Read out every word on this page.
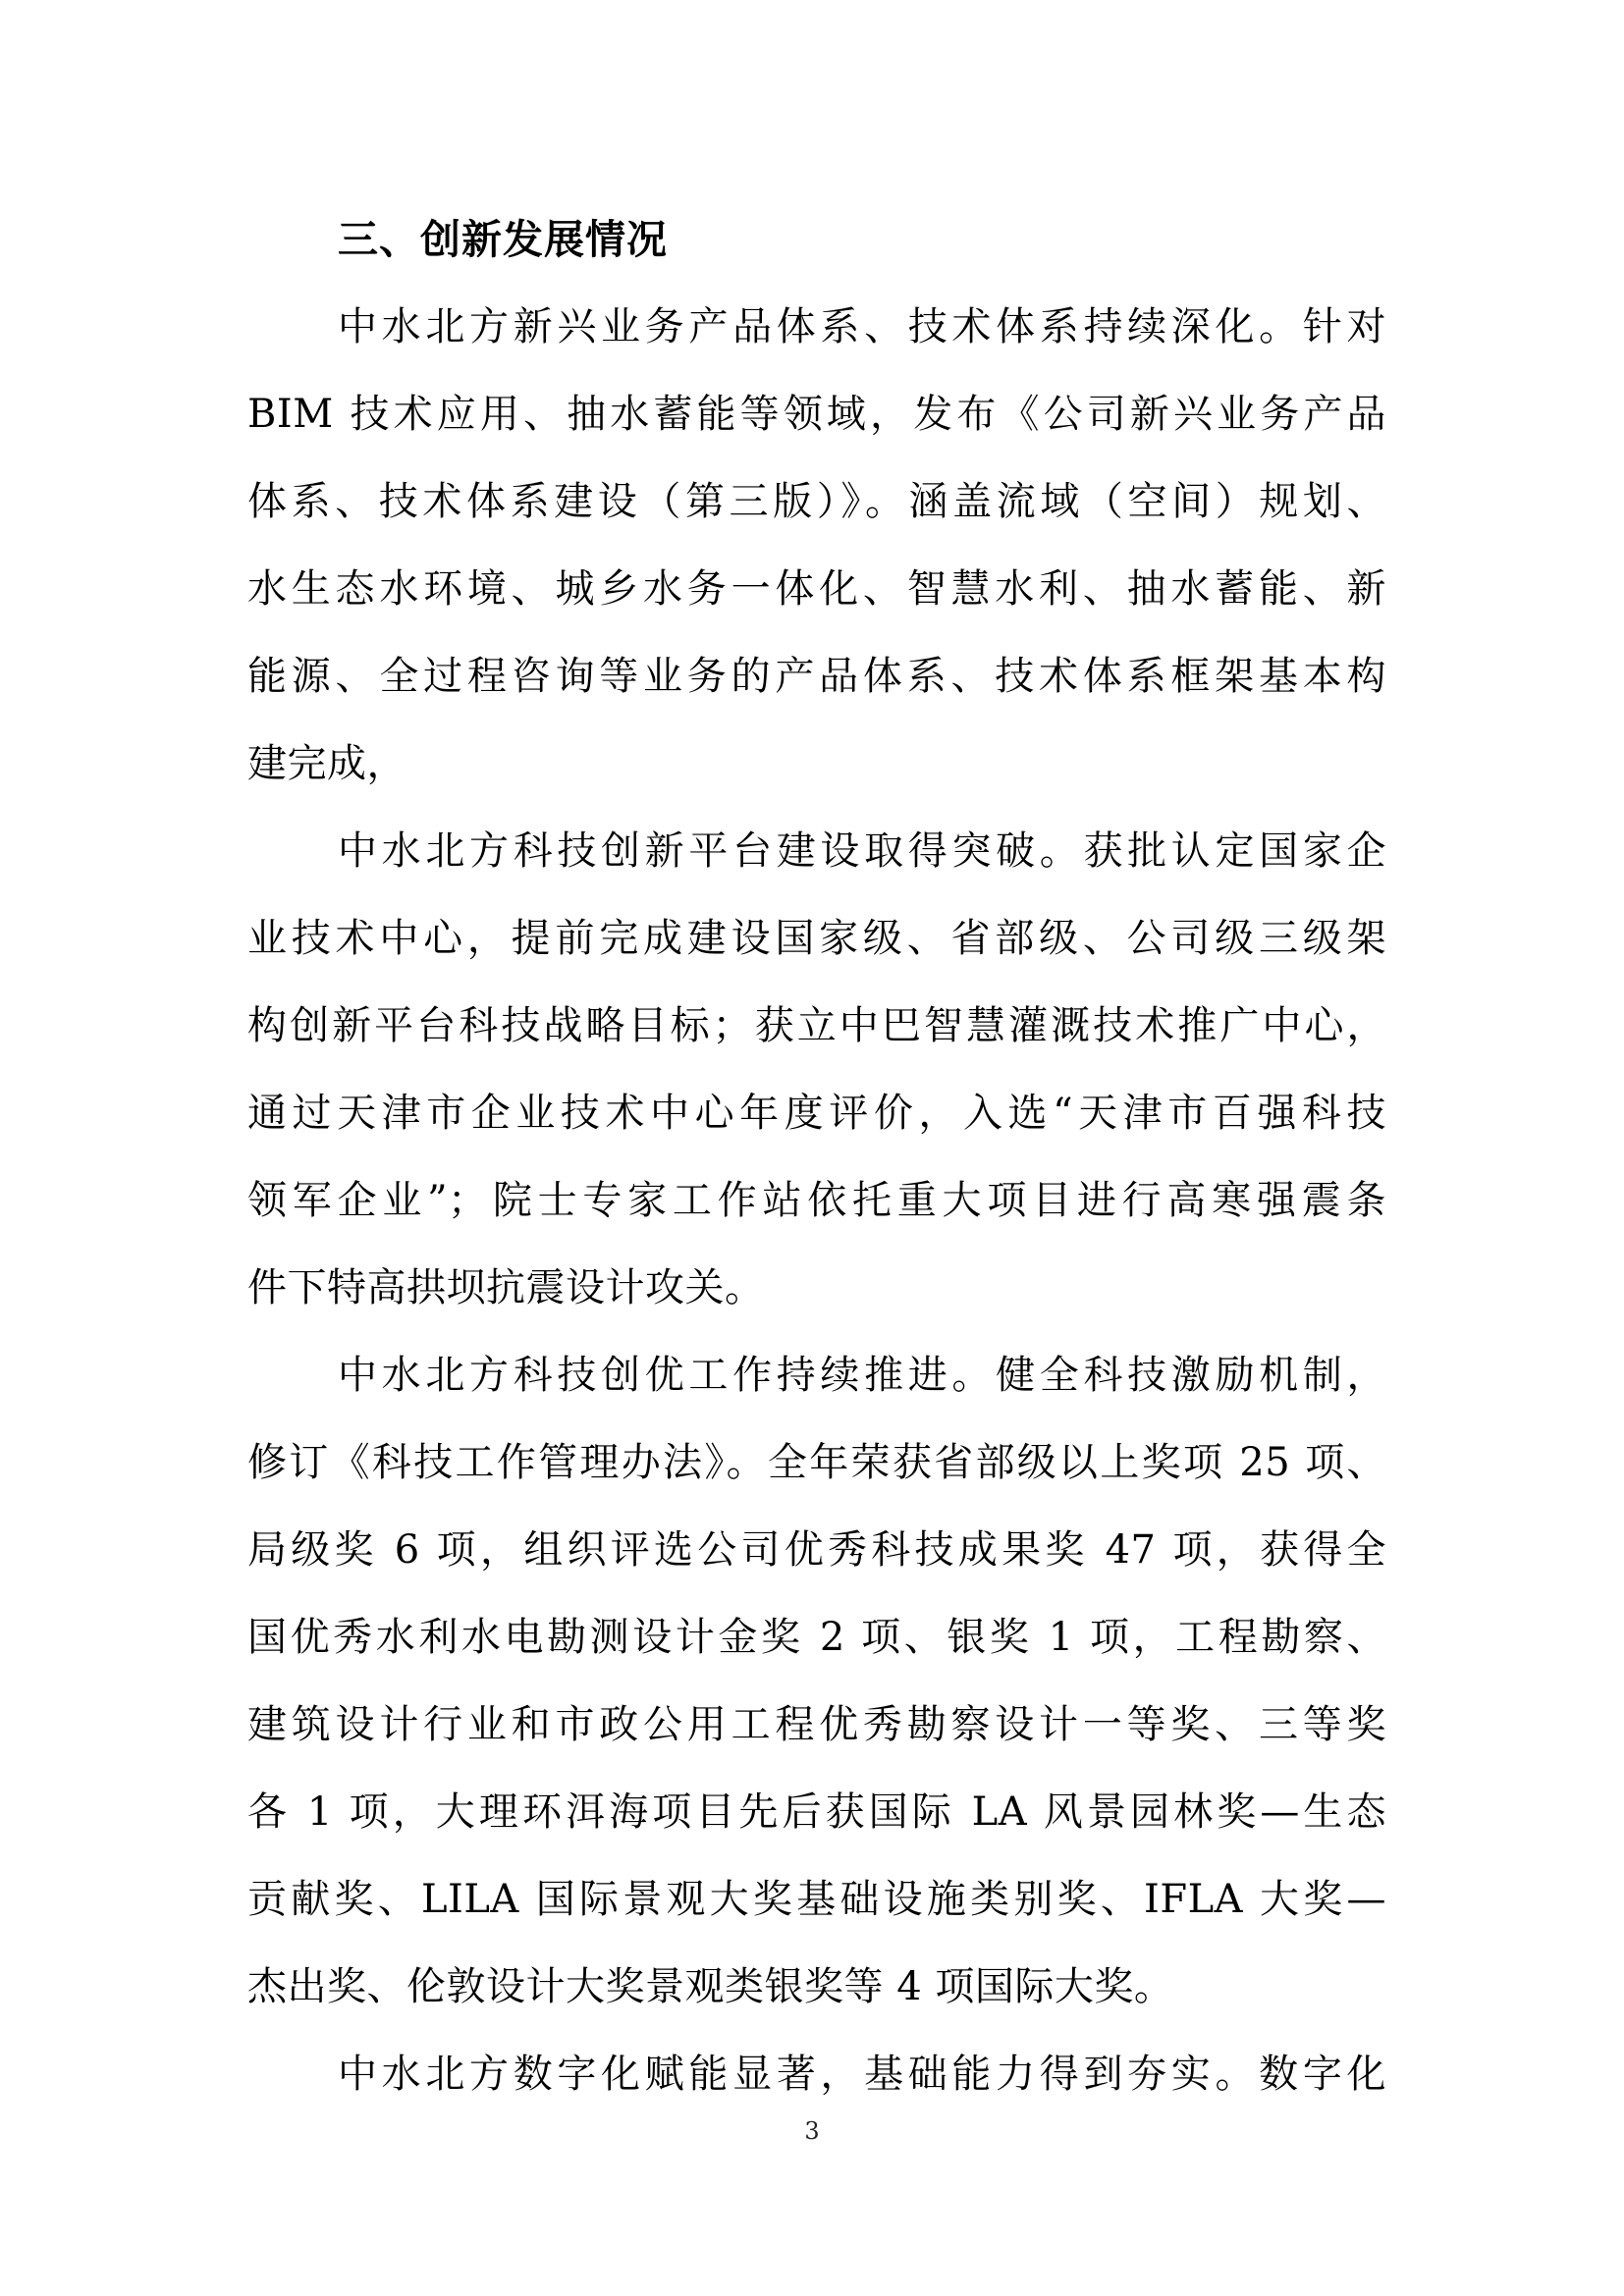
三、创新发展情况
中水北方新兴业务产品体系、技术体系持续深化。针对
BIM 技术应用、抽水蓄能等领域，发布《公司新兴业务产品
体系、技术体系建设（第三版）》。涵盖流域（空间）规划、
水生态水环境、城乡水务一体化、智慧水利、抽水蓄能、新
能源、全过程咨询等业务的产品体系、技术体系框架基本构
建完成，
中水北方科技创新平台建设取得突破。获批认定国家企
业技术中心，提前完成建设国家级、省部级、公司级三级架
构创新平台科技战略目标；获立中巴智慧灌溉技术推广中心，
通过天津市企业技术中心年度评价，入选“天津市百强科技
领军企业”；院士专家工作站依托重大项目进行高寒强震条
件下特高拱坝抗震设计攻关。
中水北方科技创优工作持续推进。健全科技激励机制，
修订《科技工作管理办法》。全年荣获省部级以上奖项 25 项、
局级奖 6 项，组织评选公司优秀科技成果奖 47 项，获得全
国优秀水利水电勘测设计金奖 2 项、银奖 1 项，工程勘察、
建筑设计行业和市政公用工程优秀勘察设计一等奖、三等奖
各 1 项，大理环洱海项目先后获国际 LA 风景园林奖—生态
贡献奖、LILA 国际景观大奖基础设施类别奖、IFLA 大奖—
杰出奖、伦敦设计大奖景观类银奖等 4 项国际大奖。
中水北方数字化赋能显著，基础能力得到夯实。数字化
3
